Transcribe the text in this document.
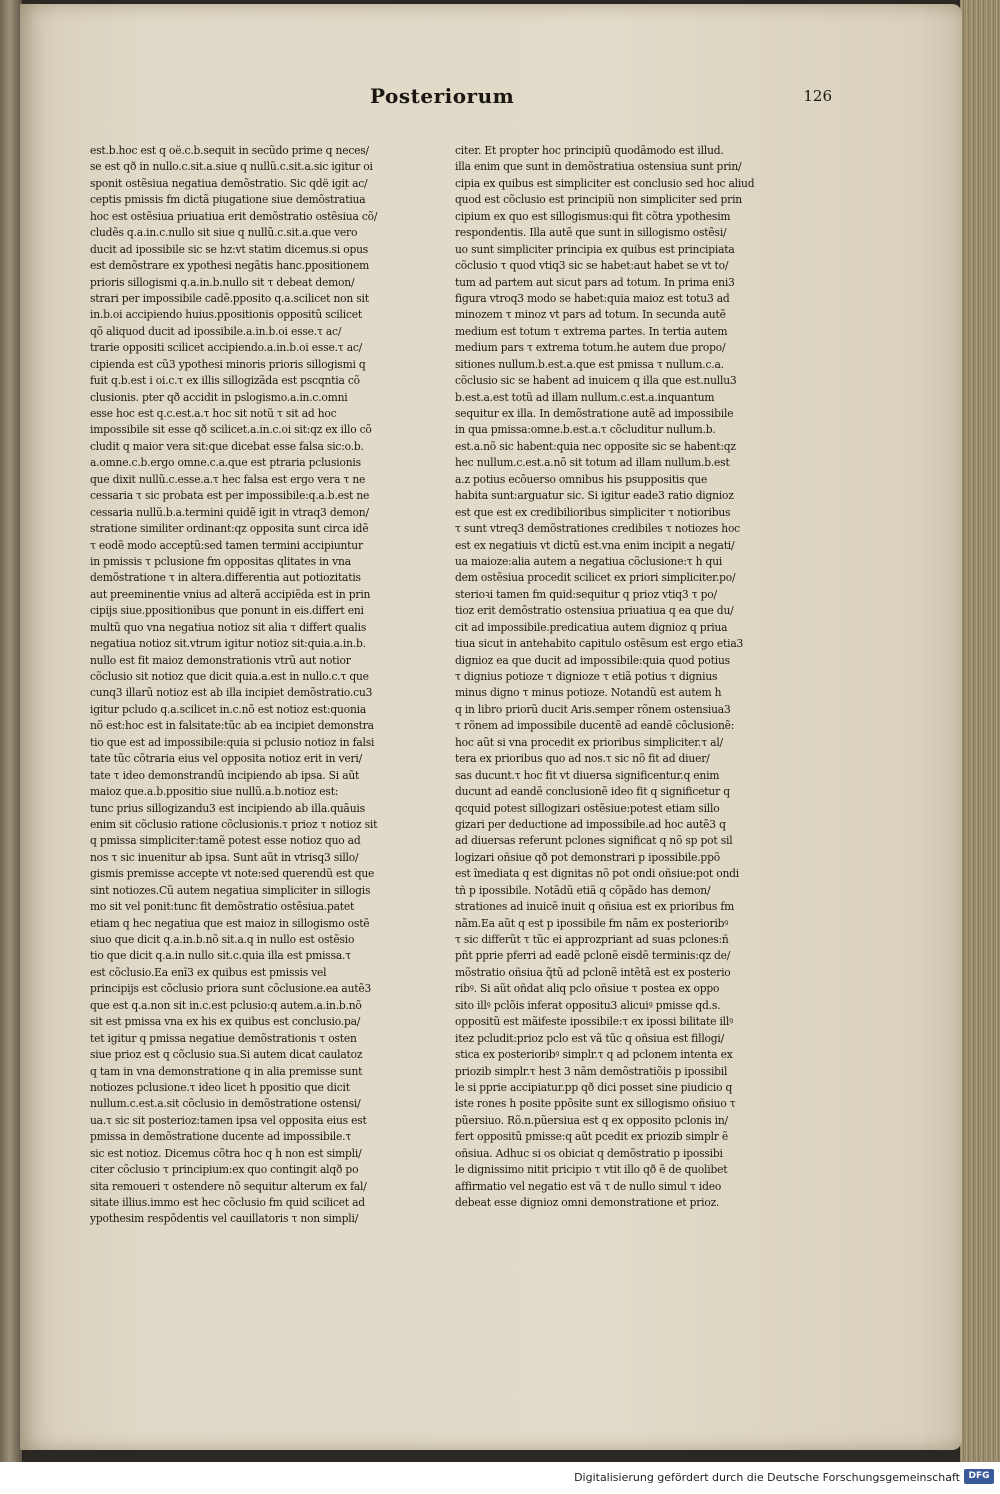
Posteriorum	126
est.b.hoc est q oë.c.b.sequit in secũdo prime q neces/
se est qð in nullo.c.sit.a.siue q nullũ.c.sit.a.sic igitur oi
sponit ostẽsiua negatiua demõstratio. Sic qdë igit ac/
ceptis pmissis fm dictã piugatione siue demõstratiua
hoc est ostẽsiua priuatiua erit demõstratio ostẽsiua cõ/
cludẽs q.a.in.c.nullo sit siue q nullũ.c.sit.a.que vero
ducit ad ipossibile sic se hz:vt statim dicemus.si opus
est demõstrare ex ypothesi negãtis hanc.ppositionem
prioris sillogismi q.a.in.b.nullo sit τ debeat demon/
strari per impossibile cadẽ.pposito q.a.scilicet non sit
in.b.oi accipiendo huius.ppositionis oppositũ scilicet
qõ aliquod ducit ad ipossibile.a.in.b.oi esse.τ ac/
trarie oppositi scilicet accipiendo.a.in.b.oi esse.τ ac/
cipienda est cũ3 ypothesi minoris prioris sillogismi q
fuit q.b.est i oi.c.τ ex illis sillogizãda est pscqntia cõ
clusionis. pter qð accidit in pslogismo.a.in.c.omni
esse hoc est q.c.est.a.τ hoc sit notũ τ sit ad hoc
impossibile sit esse qð scilicet.a.in.c.oi sit:qz ex illo cõ
cludit q maior vera sit:que dicebat esse falsa sic:o.b.
a.omne.c.b.ergo omne.c.a.que est ptraria pclusionis
que dixit nullũ.c.esse.a.τ hec falsa est ergo vera τ ne
cessaria τ sic probata est per impossibile:q.a.b.est ne
cessaria nullũ.b.a.termini quidẽ igit in vtraq3 demon/
stratione similiter ordinant:qz opposita sunt circa idẽ
τ eodẽ modo acceptũ:sed tamen termini accipiuntur
in pmissis τ pclusione fm oppositas qlitates in vna
demõstratione τ in altera.differentia aut potiozitatis
aut preeminentie vnius ad alterã accipiẽda est in prin
cipijs siue.ppositionibus que ponunt in eis.differt eni
multũ quo vna negatiua notioz sit alia τ differt qualis
negatiua notioz sit.vtrum igitur notioz sit:quia.a.in.b.
nullo est fit maioz demonstrationis vtrũ aut notior
cõclusio sit notioz que dicit quia.a.est in nullo.c.τ que
cunq3 illarũ notioz est ab illa incipiet demõstratio.cu3
igitur pcludo q.a.scilicet in.c.nõ est notioz est:quonia
nõ est:hoc est in falsitate:tũc ab ea incipiet demonstra
tio que est ad impossibile:quia si pclusio notioz in falsi
tate tũc cõtraria eius vel opposita notioz erit in veri/
tate τ ideo demonstrandũ incipiendo ab ipsa. Si aũt
maioz que.a.b.ppositio siue nullũ.a.b.notioz est:
tunc prius sillogizandu3 est incipiendo ab illa.quãuis
enim sit cõclusio ratione cõclusionis.τ prioz τ notioz sit
q pmissa simpliciter:tamẽ potest esse notioz quo ad
nos τ sic inuenitur ab ipsa. Sunt aũt in vtrisq3 sillo/
gismis premisse accepte vt note:sed querendũ est que
sint notiozes.Cũ autem negatiua simpliciter in sillogis
mo sit vel ponit:tunc fit demõstratio ostẽsiua.patet
etiam q hec negatiua que est maioz in sillogismo ostẽ
siuo que dicit q.a.in.b.nõ sit.a.q in nullo est ostẽsio
tio que dicit q.a.in nullo sit.c.quia illa est pmissa.τ
est cõclusio.Ea enĩ3 ex quibus est pmissis vel
principijs est cõclusio priora sunt cõclusione.ea autẽ3
que est q.a.non sit in.c.est pclusio:q autem.a.in.b.nõ
sit est pmissa vna ex his ex quibus est conclusio.pa/
tet igitur q pmissa negatiue demõstrationis τ osten
siue prioz est q cõclusio sua.Si autem dicat caulatoz
q tam in vna demonstratione q in alia premisse sunt
notiozes pclusione.τ ideo licet h ppositio que dicit
nullum.c.est.a.sit cõclusio in demõstratione ostensi/
ua.τ sic sit posterioz:tamen ipsa vel opposita eius est
pmissa in demõstratione ducente ad impossibile.τ
sic est notioz. Dicemus cõtra hoc q h non est simpli/
citer cõclusio τ principium:ex quo contingit alqð po
sita remoueri τ ostendere nõ sequitur alterum ex fal/
sitate illius.immo est hec cõclusio fm quid scilicet ad
ypothesim respõdentis vel cauillatoris τ non simpli/
citer. Et propter hoc principiũ quodãmodo est illud.
illa enim que sunt in demõstratiua ostensiua sunt prin/
cipia ex quibus est simpliciter est conclusio sed hoc aliud
quod est cõclusio est principiũ non simpliciter sed prin
cipium ex quo est sillogismus:qui fit cõtra ypothesim
respondentis. Illa autẽ que sunt in sillogismo ostẽsi/
uo sunt simpliciter principia ex quibus est principiata
cõclusio τ quod vtiq3 sic se habet:aut habet se vt to/
tum ad partem aut sicut pars ad totum. In prima eni3
figura vtroq3 modo se habet:quia maioz est totu3 ad
minozem τ minoz vt pars ad totum. In secunda autẽ
medium est totum τ extrema partes. In tertia autem
medium pars τ extrema totum.he autem due propo/
sitiones nullum.b.est.a.que est pmissa τ nullum.c.a.
cõclusio sic se habent ad inuicem q illa que est.nullu3
b.est.a.est totũ ad illam nullum.c.est.a.inquantum
sequitur ex illa. In demõstratione autẽ ad impossibile
in qua pmissa:omne.b.est.a.τ cõcluditur nullum.b.
est.a.nõ sic habent:quia nec opposite sic se habent:qz
hec nullum.c.est.a.nõ sit totum ad illam nullum.b.est
a.z potius ecõuerso omnibus his psuppositis que
habita sunt:arguatur sic. Si igitur eade3 ratio dignioz
est que est ex credibilioribus simpliciter τ notioribus
τ sunt vtreq3 demõstrationes credibiles τ notiozes hoc
est ex negatiuis vt dictũ est.vna enim incipit a negati/
ua maioze:alia autem a negatiua cõclusione:τ h qui
dem ostẽsiua procedit scilicet ex priori simpliciter.po/
sterioꝛi tamen fm quid:sequitur q prioz vtiq3 τ po/
tioz erit demõstratio ostensiua priuatiua q ea que du/
cit ad impossibile.predicatiua autem dignioz q priua
tiua sicut in antehabito capitulo ostẽsum est ergo etia3
dignioz ea que ducit ad impossibile:quia quod potius
τ dignius potioze τ dignioze τ etiã potius τ dignius
minus digno τ minus potioze. Notandũ est autem h
q in libro priorũ ducit Aris.semper rõnem ostensiua3
τ rõnem ad impossibile ducentẽ ad eandẽ cõclusionẽ:
hoc aũt si vna procedit ex prioribus simpliciter.τ al/
tera ex prioribus quo ad nos.τ sic nõ fit ad diuer/
sas ducunt.τ hoc fit vt diuersa significentur.q enim
ducunt ad eandẽ conclusionẽ ideo fit q significetur q
qcquid potest sillogizari ostẽsiue:potest etiam sillo
gizari per deductione ad impossibile.ad hoc autẽ3 q
ad diuersas referunt pclones significat q nõ sp pot sil
logizari oñsiue qð pot demonstrari p ipossibile.ppõ
est ĩmediata q est dignitas nõ pot ondi oñsiue:pot ondi
tñ p ipossibile. Notãdũ etiã q cõpãdo has demon/
strationes ad inuicẽ inuit q oñsiua est ex prioribus fm
nãm.Ea aũt q est p ipossibile fm nãm ex posterioribꝰ
τ sic differũt τ tũc ei approzpriant ad suas pclones:ñ
pñt pprie pferri ad eadẽ pclonẽ eisdẽ terminis:qz de/
mõstratio oñsiua q̃tũ ad pclonẽ intẽtã est ex posterio
ribꝰ. Si aũt oñdat aliq pclo oñsiue τ postea ex oppo
sito illꝰ pclõis inferat oppositu3 alicuiꝰ pmisse qd.s.
oppositũ est mãifeste ipossibile:τ ex ipossi bilitate illꝰ
itez pcludit:prioz pclo est vã tũc q oñsiua est fillogi/
stica ex posterioribꝰ simplr.τ q ad pclonem intenta ex
priozib simplr.τ hest 3 nãm demõstratiõis p ipossibil
le si pprie accipiatur.pp qð dici posset sine piudicio q
iste rones h posite ppõsite sunt ex sillogismo oñsiuo τ
pũersiuo. Rõ.n.pũersiua est q ex opposito pclonis in/
fert oppositũ pmisse:q aũt pcedit ex priozib simplr ẽ
oñsiua. Adhuc si os obiciat q demõstratio p ipossibi
le dignissimo nitit pricipio τ vtit illo qð ẽ de quolibet
affirmatio vel negatio est vã τ de nullo simul τ ideo
debeat esse dignioz omni demonstratione et prioz.
Digitalisierung gefördert durch die Deutsche Forschungsgemeinschaft DFG
